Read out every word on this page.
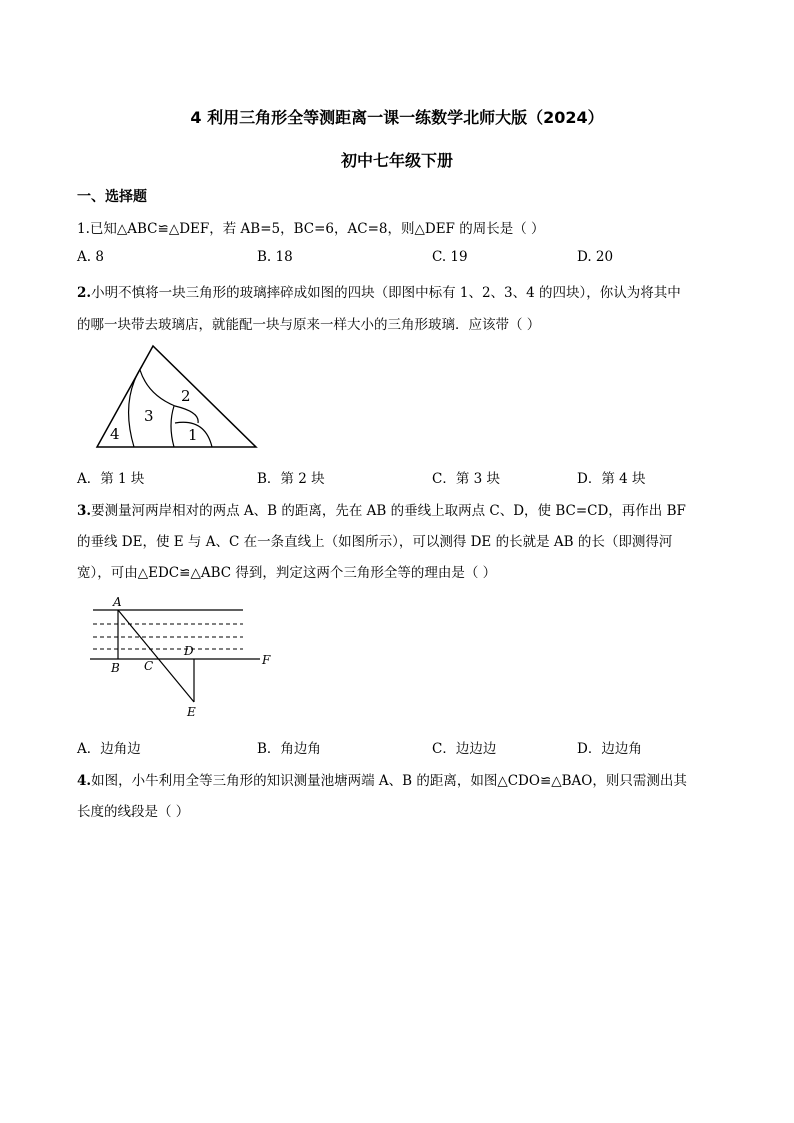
4 利用三角形全等测距离一课一练数学北师大版（2024）
初中七年级下册
一、选择题
1.已知△ABC≌△DEF，若 AB=5，BC=6，AC=8，则△DEF 的周长是（ ）
A. 8	B. 18	C. 19	D. 20
2.小明不慎将一块三角形的玻璃摔碎成如图的四块（即图中标有 1、2、3、4 的四块），你认为将其中
的哪一块带去玻璃店，就能配一块与原来一样大小的三角形玻璃．应该带（ ）
1
2
3
4
A．第 1 块	B．第 2 块	C．第 3 块	D．第 4 块
3.要测量河两岸相对的两点 A、B 的距离，先在 AB 的垂线上取两点 C、D，使 BC=CD，再作出 BF
的垂线 DE，使 E 与 A、C 在一条直线上（如图所示），可以测得 DE 的长就是 AB 的长（即测得河
宽），可由△EDC≌△ABC 得到，判定这两个三角形全等的理由是（ ）
A
B C
D
E
F
A．边角边	B．角边角	C．边边边	D．边边角
4.如图，小牛利用全等三角形的知识测量池塘两端 A、B 的距离，如图△CDO≌△BAO，则只需测出其
长度的线段是（ ）
